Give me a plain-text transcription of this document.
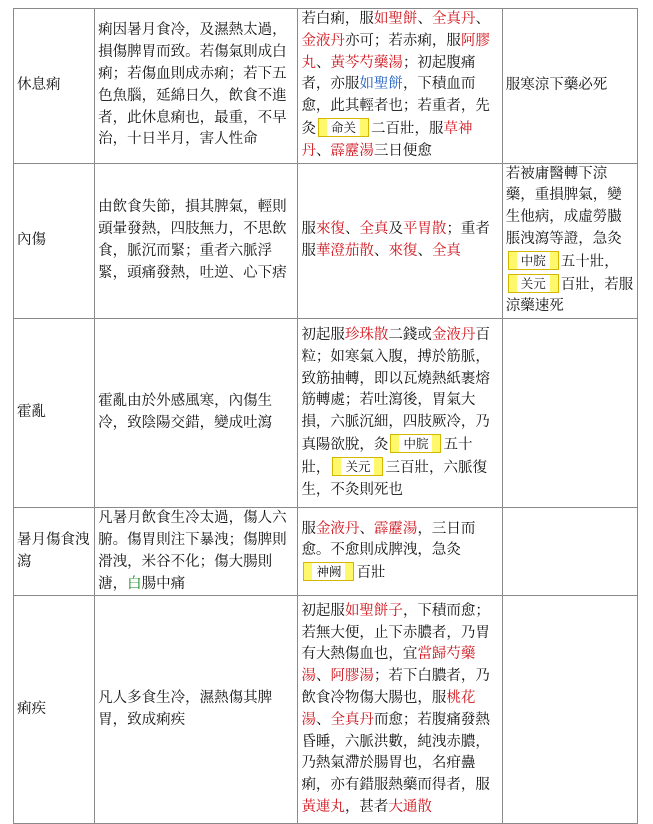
休息痢	痢因暑月食冷，及濕熱太過，損傷脾胃而致。若傷氣則成白痢；若傷血則成赤痢；若下五色魚腦，延綿日久，飲食不進者，此休息痢也，最重，不早治，十日半月，害人性命	若白痢，服如聖餅、全真丹、金液丹亦可；若赤痢，服阿膠丸、黃芩芍藥湯；初起腹痛者，亦服如聖餅，下積血而愈，此其輕者也；若重者，先灸 命关 二百壯，服草神丹、霹靂湯三日便愈	服寒涼下藥必死
內傷	由飲食失節，損其脾氣，輕則頭暈發熱，四肢無力，不思飲食，脈沉而緊；重者六脈浮緊，頭痛發熱，吐逆、心下痞	服來復、全真及平胃散；重者服華澄茄散、來復、全真	若被庸醫轉下涼藥，重損脾氣，變生他病，成虛勞臌脹洩瀉等證，急灸中脘 五十壯，关元 百壯，若服涼藥速死
霍亂	霍亂由於外感風寒，內傷生冷，致陰陽交錯，變成吐瀉	初起服珍珠散二錢或金液丹百粒；如寒氣入腹，搏於筋脈，致筋抽轉，即以瓦燒熱紙裹熔筋轉處；若吐瀉後，胃氣大損，六脈沉細，四肢厥冷，乃真陽欲脫，灸 中脘 五十壯， 关元 三百壯，六脈復生，不灸則死也	
暑月傷食洩瀉	凡暑月飲食生冷太過，傷人六腑。傷胃則注下暴洩；傷脾則滑洩，米谷不化；傷大腸則溏，白腸中痛	服金液丹、霹靂湯，三日而愈。不愈則成脾洩，急灸神阙 百壯	
痢疾	凡人多食生冷，濕熱傷其脾胃，致成痢疾	初起服如聖餅子，下積而愈；若無大便，止下赤膿者，乃胃有大熱傷血也，宜當歸芍藥湯、阿膠湯；若下白膿者，乃飲食冷物傷大腸也，服桃花湯、全真丹而愈；若腹痛發熱昏睡，六脈洪數，純洩赤膿，乃熱氣滯於腸胃也，名疳蠱痢，亦有錯服熱藥而得者，服黃連丸，甚者大通散	
